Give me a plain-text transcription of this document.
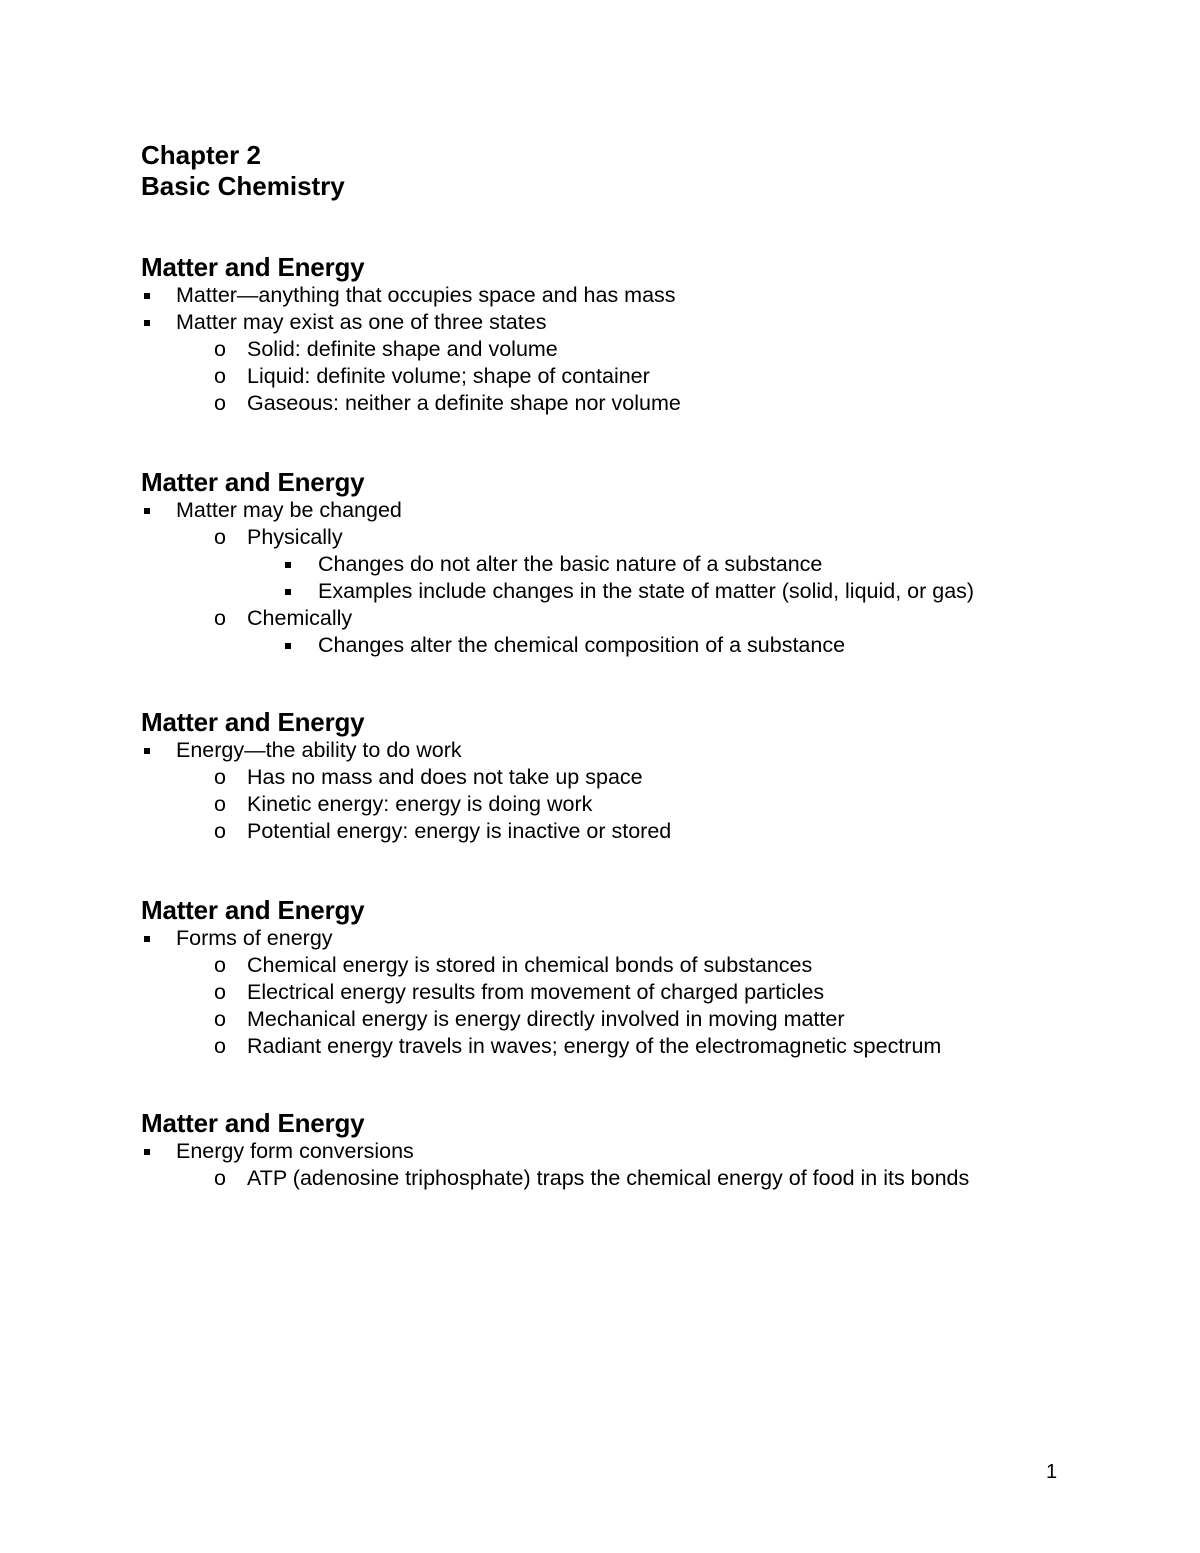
Chapter 2

Basic Chemistry

Matter and Energy

Matter—anything that occupies space and has mass
Matter may exist as one of three states
o Solid: definite shape and volume
o Liquid: definite volume; shape of container
o Gaseous: neither a definite shape nor volume

Matter and Energy

Matter may be changed
o Physically
Changes do not alter the basic nature of a substance
Examples include changes in the state of matter (solid, liquid, or gas)
o Chemically
Changes alter the chemical composition of a substance

Matter and Energy

Energy—the ability to do work
o Has no mass and does not take up space
o Kinetic energy: energy is doing work
o Potential energy: energy is inactive or stored

Matter and Energy

Forms of energy
o Chemical energy is stored in chemical bonds of substances
o Electrical energy results from movement of charged particles
o Mechanical energy is energy directly involved in moving matter
o Radiant energy travels in waves; energy of the electromagnetic spectrum

Matter and Energy

Energy form conversions
o ATP (adenosine triphosphate) traps the chemical energy of food in its bonds
1
